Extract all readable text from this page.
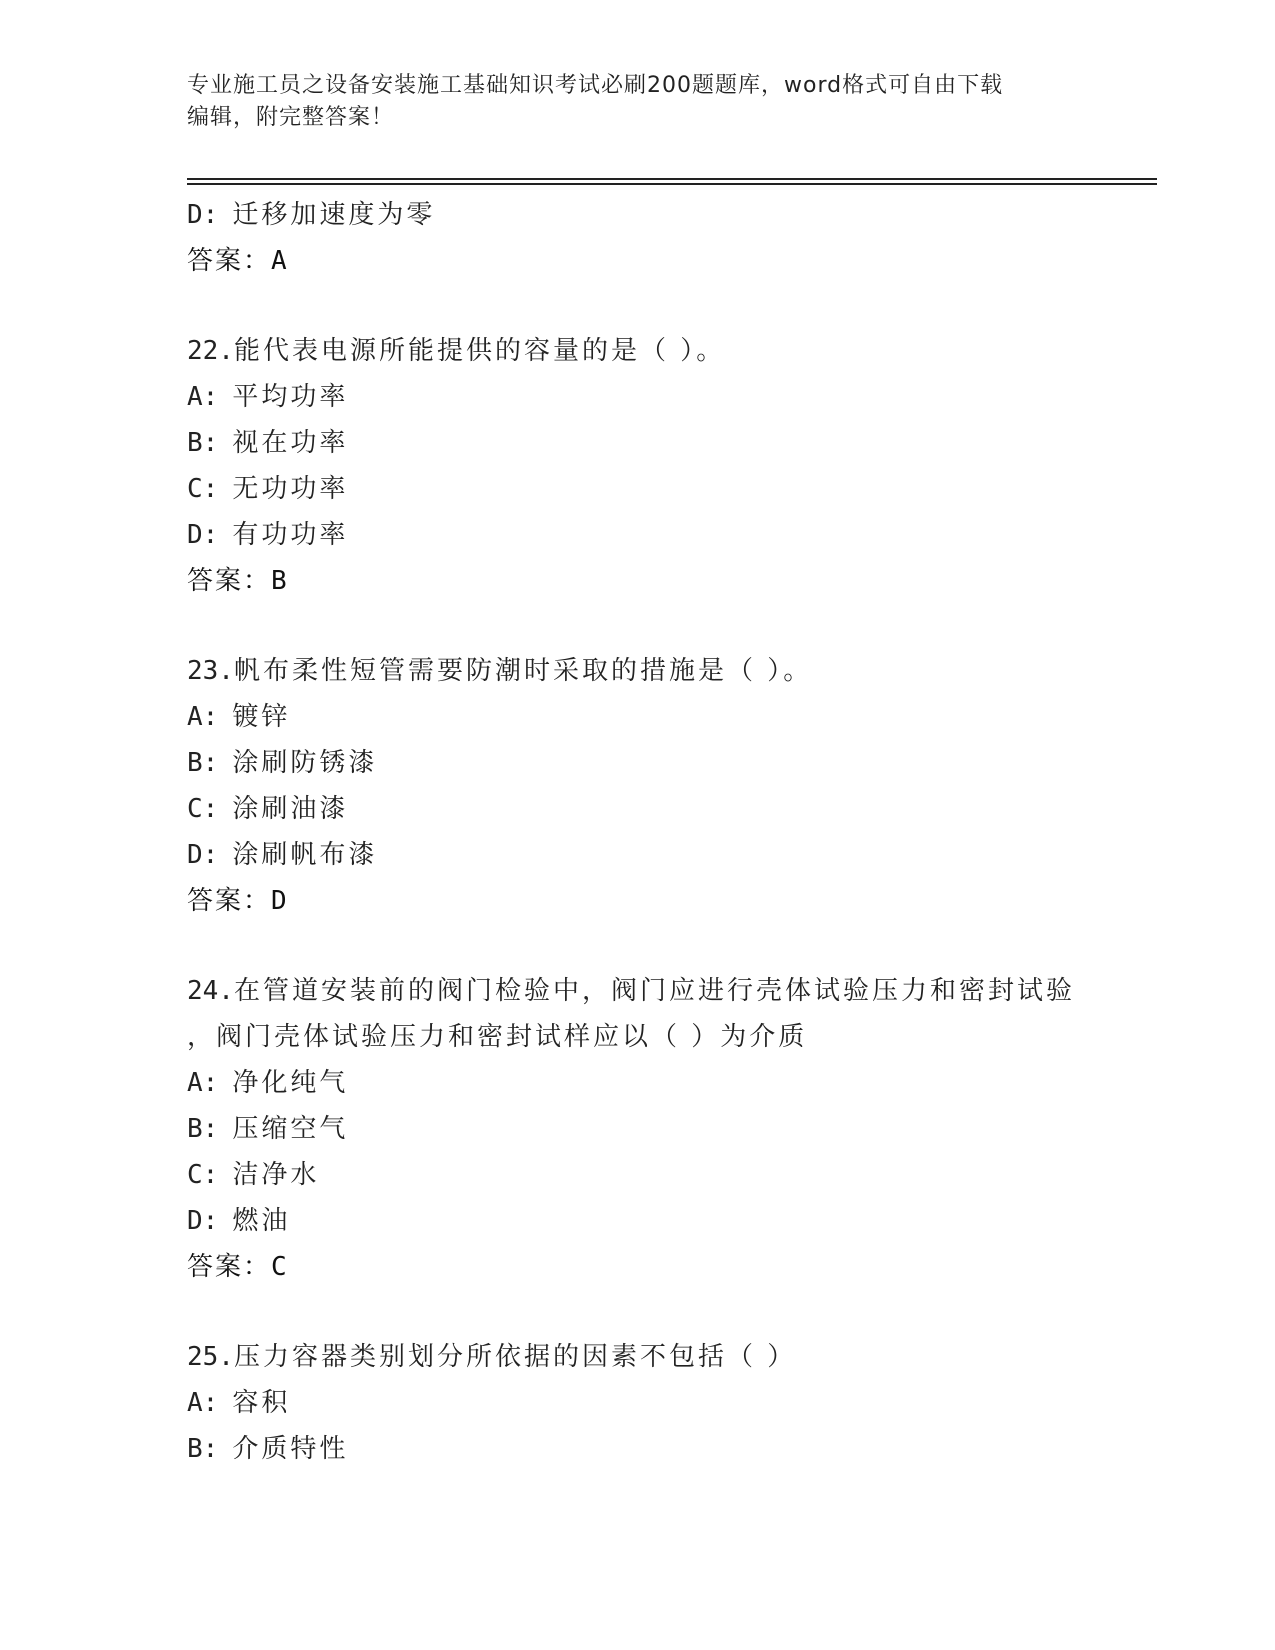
专业施工员之设备安装施工基础知识考试必刷200题题库，word格式可自由下载
编辑，附完整答案！
D: 迁移加速度为零
答案：A
22.能代表电源所能提供的容量的是（ ）。
A: 平均功率
B: 视在功率
C: 无功功率
D: 有功功率
答案：B
23.帆布柔性短管需要防潮时采取的措施是（ ）。
A: 镀锌
B: 涂刷防锈漆
C: 涂刷油漆
D: 涂刷帆布漆
答案：D
24.在管道安装前的阀门检验中，阀门应进行壳体试验压力和密封试验
，阀门壳体试验压力和密封试样应以（ ）为介质
A: 净化纯气
B: 压缩空气
C: 洁净水
D: 燃油
答案：C
25.压力容器类别划分所依据的因素不包括（ ）
A: 容积
B: 介质特性
